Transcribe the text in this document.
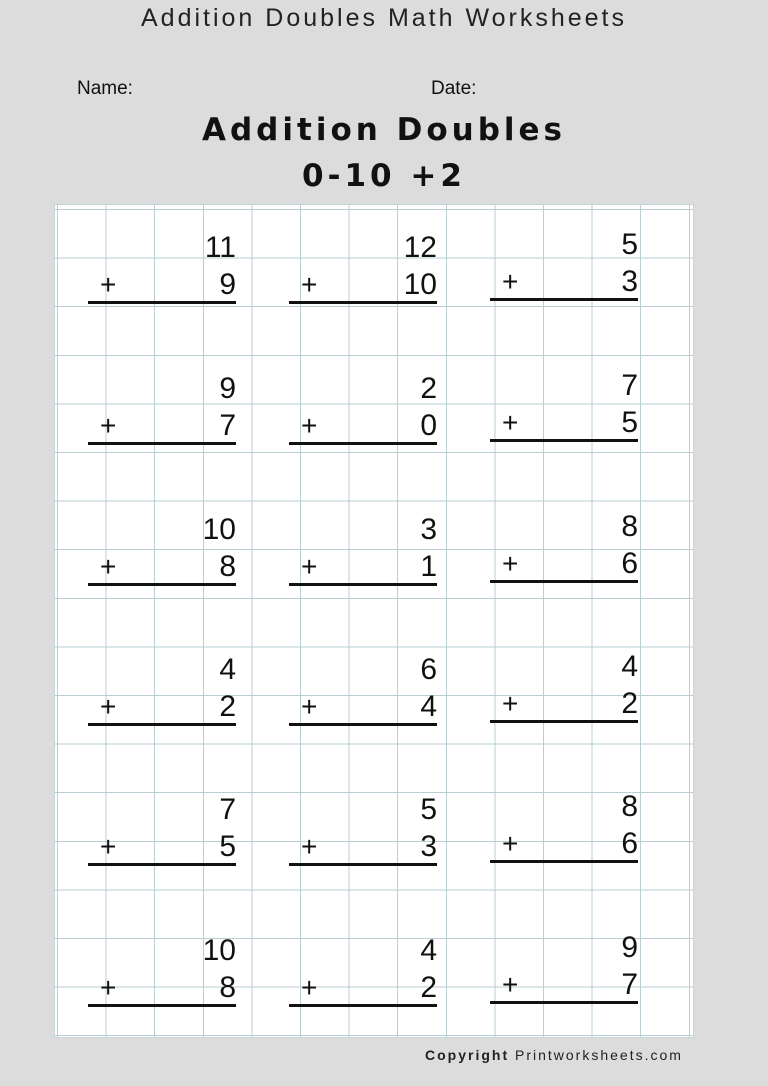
Addition Doubles Math Worksheets
Name:	Date:
Addition Doubles
0-10 +2
11
+	9
12
+	10
5
+	3
9
+	7
2
+	0
7
+	5
10
+	8
3
+	1
8
+	6
4
+	2
6
+	4
4
+	2
7
+	5
5
+	3
8
+	6
10
+	8
4
+	2
9
+	7
Copyright Printworksheets.com
